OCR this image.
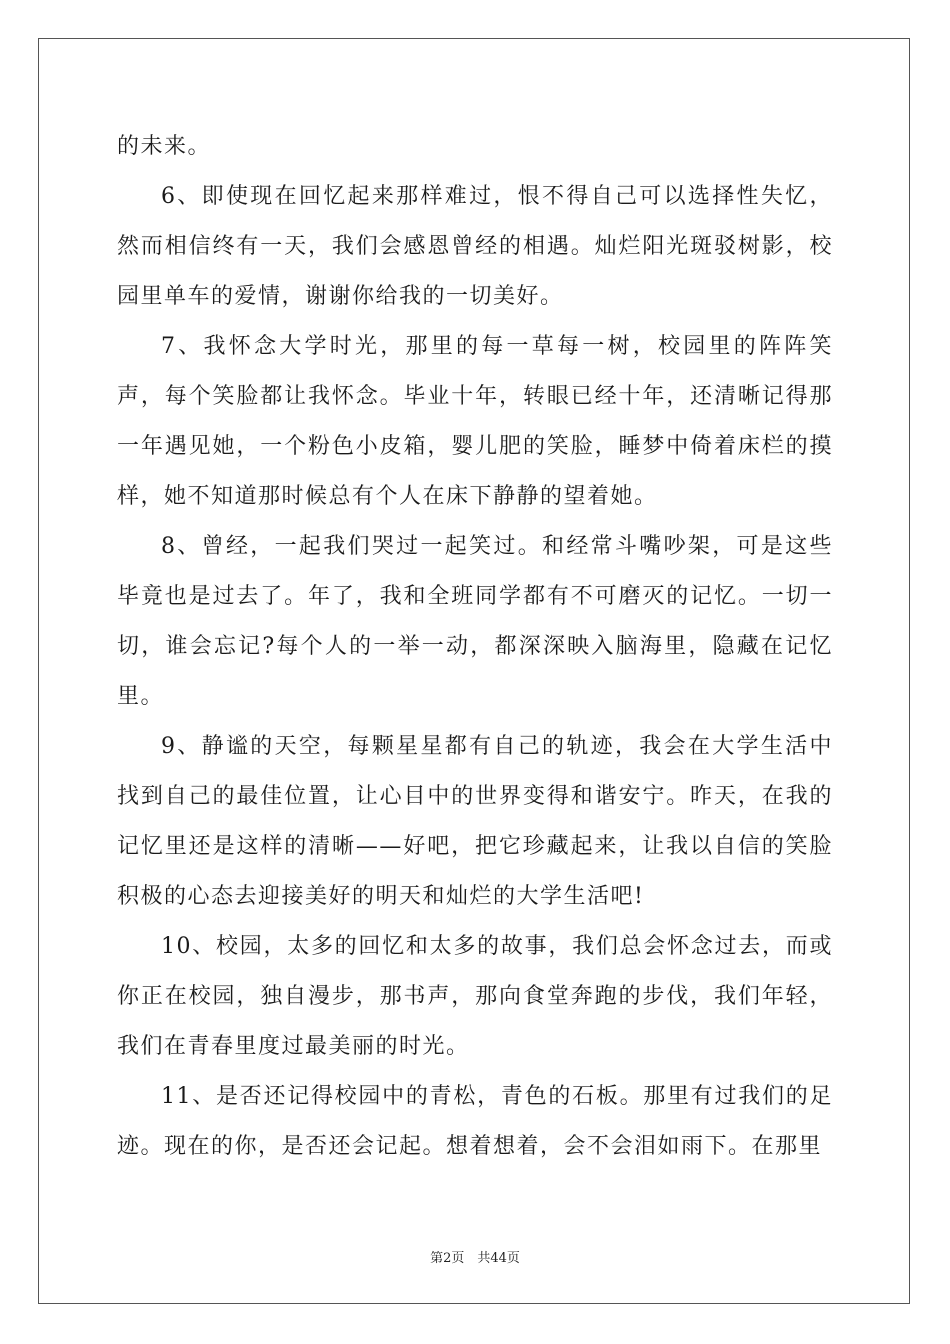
的未来。

6、即使现在回忆起来那样难过，恨不得自己可以选择性失忆，然而相信终有一天，我们会感恩曾经的相遇。灿烂阳光斑驳树影，校园里单车的爱情，谢谢你给我的一切美好。

7、我怀念大学时光，那里的每一草每一树，校园里的阵阵笑声，每个笑脸都让我怀念。毕业十年，转眼已经十年，还清晰记得那一年遇见她，一个粉色小皮箱，婴儿肥的笑脸，睡梦中倚着床栏的摸样，她不知道那时候总有个人在床下静静的望着她。

8、曾经，一起我们哭过一起笑过。和经常斗嘴吵架，可是这些毕竟也是过去了。年了，我和全班同学都有不可磨灭的记忆。一切一切，谁会忘记?每个人的一举一动，都深深映入脑海里，隐藏在记忆里。

9、静谧的天空，每颗星星都有自己的轨迹，我会在大学生活中找到自己的最佳位置，让心目中的世界变得和谐安宁。昨天，在我的记忆里还是这样的清晰——好吧，把它珍藏起来，让我以自信的笑脸积极的心态去迎接美好的明天和灿烂的大学生活吧!

10、校园，太多的回忆和太多的故事，我们总会怀念过去，而或你正在校园，独自漫步，那书声，那向食堂奔跑的步伐，我们年轻，我们在青春里度过最美丽的时光。

11、是否还记得校园中的青松，青色的石板。那里有过我们的足迹。现在的你，是否还会记起。想着想着，会不会泪如雨下。在那里

第2页　共44页
